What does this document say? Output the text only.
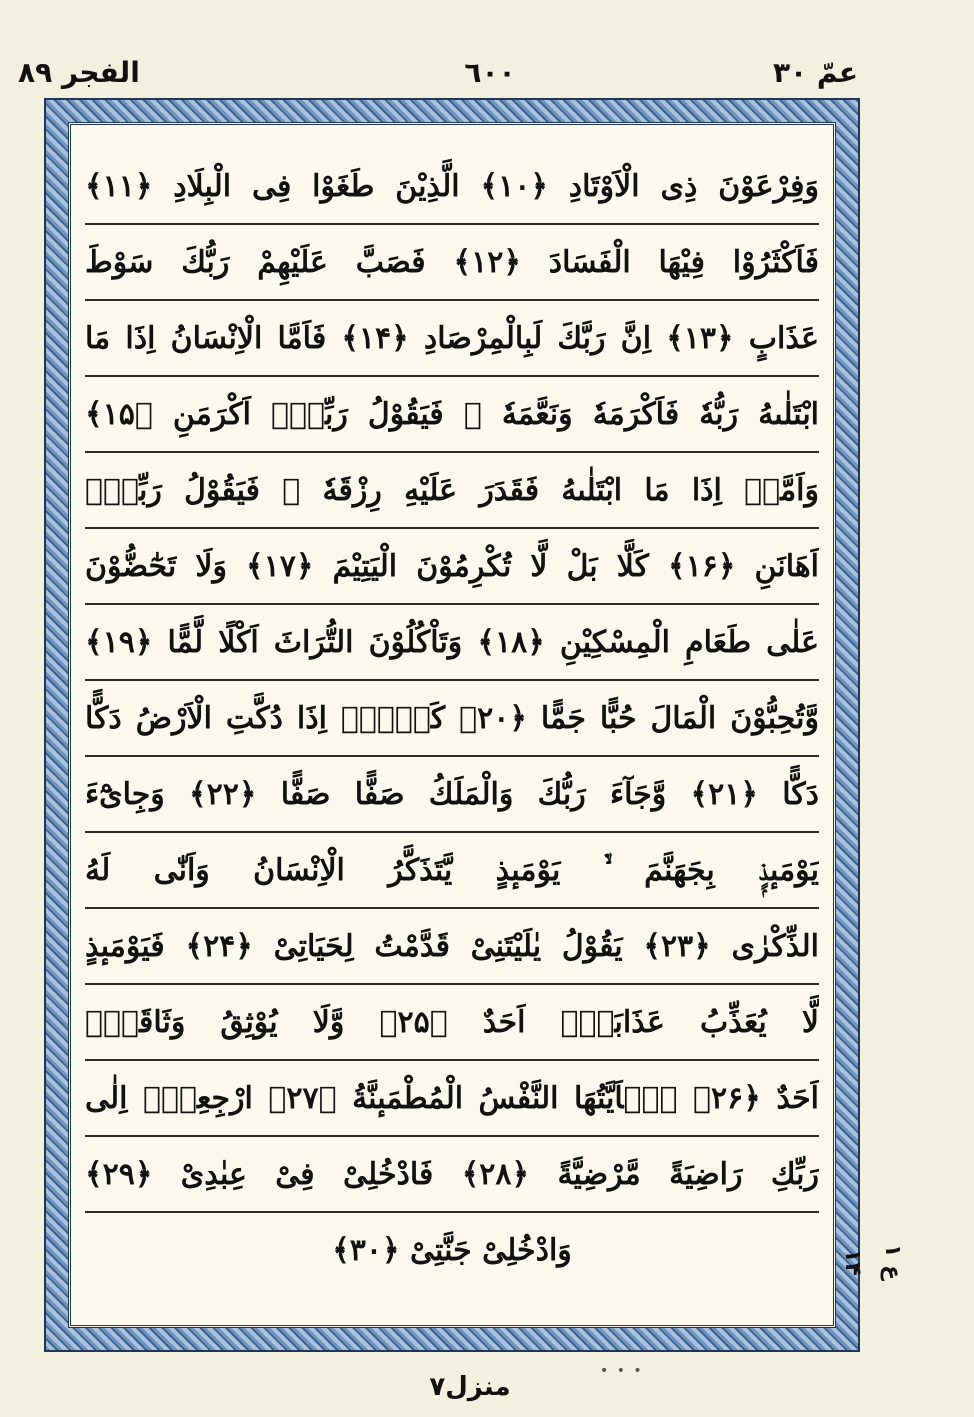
الفجر ۸۹	٦٠٠	عمّ ۳۰
وَفِرْعَوْنَ ذِی الْاَوْتَادِ ﴿۱۰﴾ الَّذِیْنَ طَغَوْا فِی الْبِلَادِ ﴿۱۱﴾
فَاَكْثَرُوْا فِیْهَا الْفَسَادَ ﴿۱۲﴾ فَصَبَّ عَلَیْهِمْ رَبُّكَ سَوْطَ
عَذَابٍ ﴿۱۳﴾ اِنَّ رَبَّكَ لَبِالْمِرْصَادِ ﴿۱۴﴾ فَاَمَّا الْاِنْسَانُ اِذَا مَا
ابْتَلٰىهُ رَبُّهٗ فَاَكْرَمَهٗ وَنَعَّمَهٗ ۙ فَیَقُوْلُ رَبِّیْۤ اَكْرَمَنِ ﴿۱۵﴾
وَاَمَّاۤ اِذَا مَا ابْتَلٰىهُ فَقَدَرَ عَلَیْهِ رِزْقَهٗ ۙ فَیَقُوْلُ رَبِّیْۤ
اَهَانَنِ ﴿۱۶﴾ كَلَّا بَلْ لَّا تُكْرِمُوْنَ الْیَتِیْمَ ﴿۱۷﴾ وَلَا تَحٰٓضُّوْنَ
عَلٰى طَعَامِ الْمِسْكِیْنِ ﴿۱۸﴾ وَتَاْكُلُوْنَ التُّرَاثَ اَكْلًا لَّمًّا ﴿۱۹﴾
وَّتُحِبُّوْنَ الْمَالَ حُبًّا جَمًّا ﴿۲۰﴾ كَلَّاۤ اِذَا دُكَّتِ الْاَرْضُ دَكًّا
دَكًّا ﴿۲۱﴾ وَّجَآءَ رَبُّكَ وَالْمَلَكُ صَفًّا صَفًّا ﴿۲۲﴾ وَجِایْٓءَ
یَوْمَىٕذٍۭ بِجَهَنَّمَ ۙ۬ یَوْمَىٕذٍ یَّتَذَكَّرُ الْاِنْسَانُ وَاَنّٰى لَهُ
الذِّكْرٰى ﴿۲۳﴾ یَقُوْلُ یٰلَیْتَنِیْ قَدَّمْتُ لِحَیَاتِیْ ﴿۲۴﴾ فَیَوْمَىٕذٍ
لَّا یُعَذِّبُ عَذَابَهٗۤ اَحَدٌ ﴿۲۵﴾ وَّلَا یُوْثِقُ وَثَاقَهٗۤ
اَحَدٌ ﴿۲۶﴾ یٰۤاَیَّتُهَا النَّفْسُ الْمُطْمَىٕنَّةُ ﴿۲۷﴾ ارْجِعِیْۤ اِلٰى
رَبِّكِ رَاضِیَةً مَّرْضِیَّةً ﴿۲۸﴾ فَادْخُلِیْ فِیْ عِبٰدِیْ ﴿۲۹﴾
وَادْخُلِیْ جَنَّتِیْ ﴿۳۰﴾	ع ۱ ۱۴
• • •
منزل۷
